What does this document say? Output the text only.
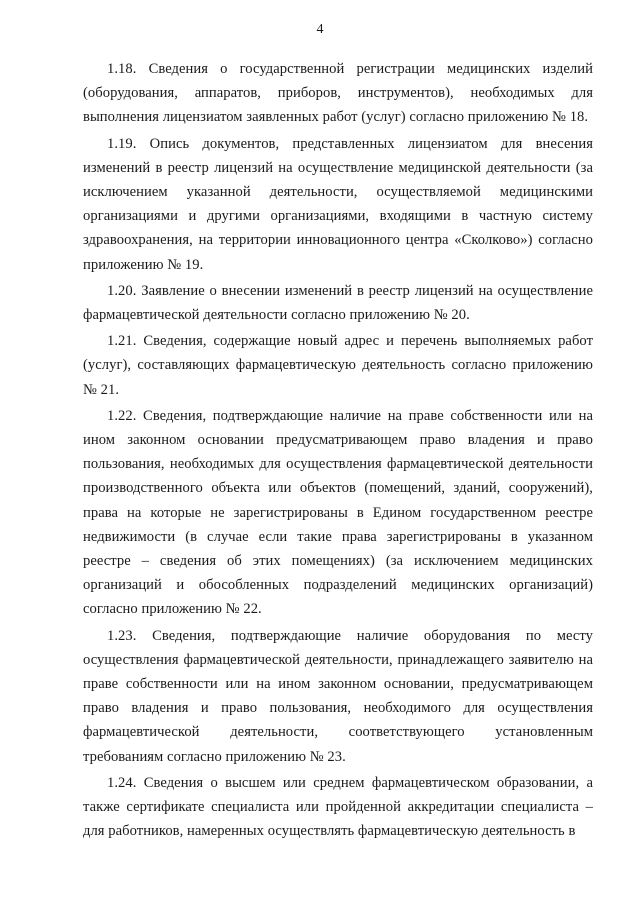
4

1.18. Сведения о государственной регистрации медицинских изделий (оборудования, аппаратов, приборов, инструментов), необходимых для выполнения лицензиатом заявленных работ (услуг) согласно приложению № 18.

1.19. Опись документов, представленных лицензиатом для внесения изменений в реестр лицензий на осуществление медицинской деятельности (за исключением указанной деятельности, осуществляемой медицинскими организациями и другими организациями, входящими в частную систему здравоохранения, на территории инновационного центра «Сколково») согласно приложению № 19.

1.20. Заявление о внесении изменений в реестр лицензий на осуществление фармацевтической деятельности согласно приложению № 20.

1.21. Сведения, содержащие новый адрес и перечень выполняемых работ (услуг), составляющих фармацевтическую деятельность согласно приложению № 21.

1.22. Сведения, подтверждающие наличие на праве собственности или на ином законном основании предусматривающем право владения и право пользования, необходимых для осуществления фармацевтической деятельности производственного объекта или объектов (помещений, зданий, сооружений), права на которые не зарегистрированы в Едином государственном реестре недвижимости (в случае если такие права зарегистрированы в указанном реестре – сведения об этих помещениях) (за исключением медицинских организаций и обособленных подразделений медицинских организаций) согласно приложению № 22.

1.23. Сведения, подтверждающие наличие оборудования по месту осуществления фармацевтической деятельности, принадлежащего заявителю на праве собственности или на ином законном основании, предусматривающем право владения и право пользования, необходимого для осуществления фармацевтической деятельности, соответствующего установленным требованиям согласно приложению № 23.

1.24. Сведения о высшем или среднем фармацевтическом образовании, а также сертификате специалиста или пройденной аккредитации специалиста – для работников, намеренных осуществлять фармацевтическую деятельность в
